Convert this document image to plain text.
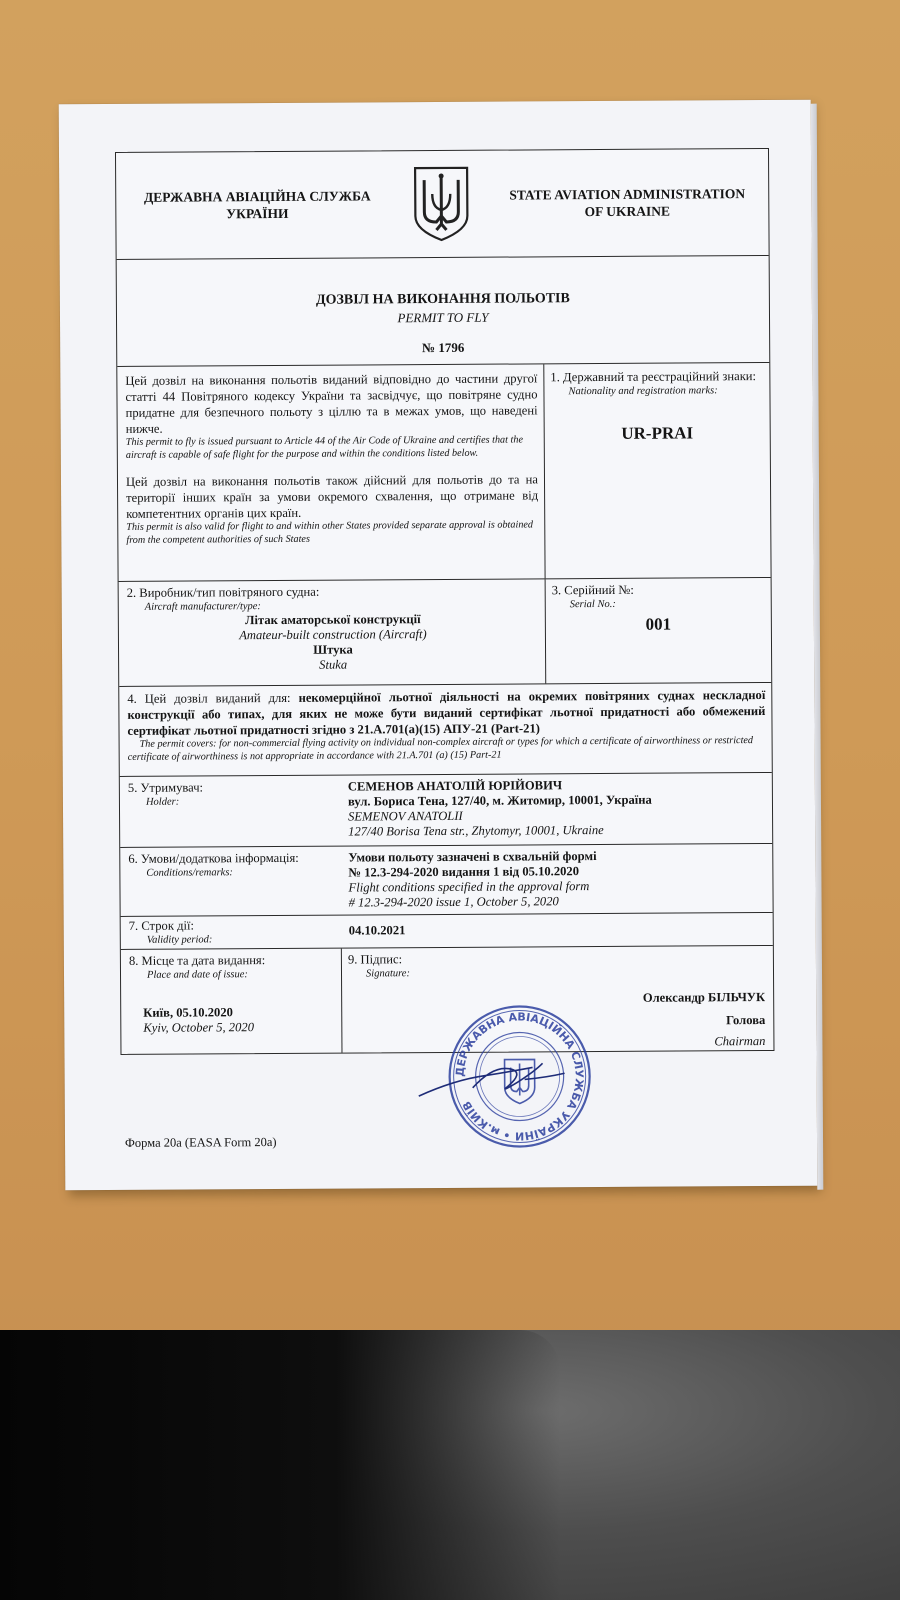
ДЕРЖАВНА АВІАЦІЙНА СЛУЖБА УКРАЇНИ
STATE AVIATION ADMINISTRATION OF UKRAINE
ДОЗВІЛ НА ВИКОНАННЯ ПОЛЬОТІВ
PERMIT TO FLY
№ 1796

Цей дозвіл на виконання польотів виданий відповідно до частини другої статті 44 Повітряного кодексу України та засвідчує, що повітряне судно придатне для безпечного польоту з ціллю та в межах умов, що наведені нижче.

This permit to fly is issued pursuant to Article 44 of the Air Code of Ukraine and certifies that the aircraft is capable of safe flight for the purpose and within the conditions listed below.

Цей дозвіл на виконання польотів також дійсний для польотів до та на території інших країн за умови окремого схвалення, що отримане від компетентних органів цих країн.

This permit is also valid for flight to and within other States provided separate approval is obtained from the competent authorities of such States

1. Державний та реєстраційний знаки:
Nationality and registration marks:
UR-PRAI
2. Виробник/тип повітряного судна:
Aircraft manufacturer/type:
Літак аматорської конструкції
Amateur-built construction (Aircraft)
Штука
Stuka
3. Серійний №:
Serial No.:
001

4. Цей дозвіл виданий для: некомерційної льотної діяльності на окремих повітряних суднах нескладної конструкції або типах, для яких не може бути виданий сертифікат льотної придатності або обмежений сертифікат льотної придатності згідно з 21.A.701(a)(15) АПУ-21 (Part-21)

The permit covers: for non-commercial flying activity on individual non-complex aircraft or types for which a certificate of airworthiness or restricted certificate of airworthiness is not appropriate in accordance with 21.A.701 (a) (15) Part-21

5. Утримувач:
Holder:
СЕМЕНОВ АНАТОЛІЙ ЮРІЙОВИЧ
вул. Бориса Тена, 127/40, м. Житомир, 10001, Україна
SEMENOV ANATOLII
127/40 Borisa Tena str., Zhytomyr, 10001, Ukraine
6. Умови/додаткова інформація:
Conditions/remarks:
Умови польоту зазначені в схвальній формі
№ 12.3-294-2020 видання 1 від 05.10.2020
Flight conditions specified in the approval form
# 12.3-294-2020 issue 1, October 5, 2020
7. Строк дії:
Validity period:
04.10.2021
8. Місце та дата видання:
Place and date of issue:
Київ, 05.10.2020
Kyiv, October 5, 2020
9. Підпис:
Signature:
Олександр БІЛЬЧУК
Голова
Chairman
Форма 20а (EASA Form 20a)
ДЕРЖАВНА АВІАЦІЙНА СЛУЖБА УКРАЇНИ • м.КИЇВ
